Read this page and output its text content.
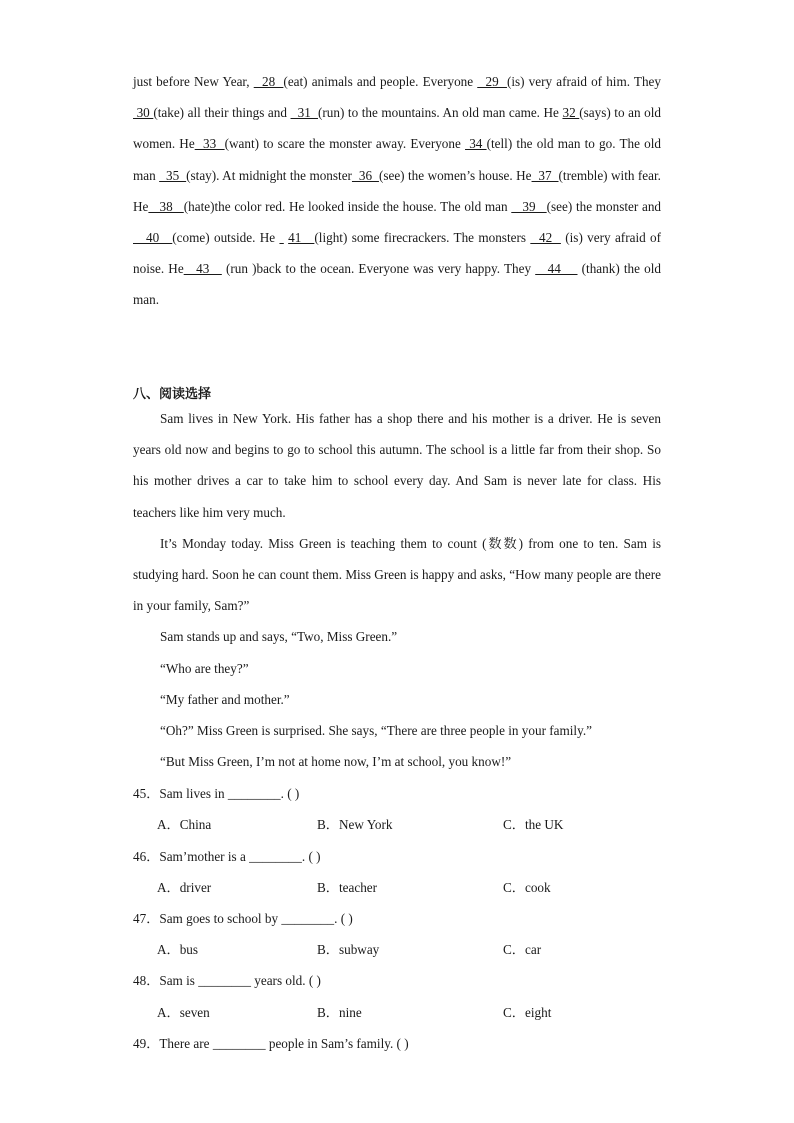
just before New Year,   28  (eat) animals and people. Everyone   29  (is) very afraid of him. They  30 (take) all their things and   31  (run) to the mountains. An old man came. He 32 (says) to an old women. He  33  (want) to scare the monster away. Everyone  34 (tell) the old man to go. The old man   35  (stay). At midnight the monster  36  (see) the women’s house. He  37  (tremble) with fear. He   38   (hate)the color red. He looked inside the house. The old man    39   (see) the monster and    40   (come) outside. He   41   (light) some firecrackers. The monsters   42   (is) very afraid of noise. He   43    (run )back to the ocean. Everyone was very happy. They    44     (thank) the old man.
八、阅读选择

Sam lives in New York. His father has a shop there and his mother is a driver. He is seven years old now and begins to go to school this autumn. The school is a little far from their shop. So his mother drives a car to take him to school every day. And Sam is never late for class. His teachers like him very much.

It’s Monday today. Miss Green is teaching them to count (数数) from one to ten. Sam is studying hard. Soon he can count them. Miss Green is happy and asks, “How many people are there in your family, Sam?”

Sam stands up and says, “Two, Miss Green.”

“Who are they?”

“My father and mother.”

“Oh?” Miss Green is surprised. She says, “There are three people in your family.”

“But Miss Green, I’m not at home now, I’m at school, you know!”

45．Sam lives in ________. ( )
A．China	B．New York	C．the UK
46．Sam’mother is a ________. ( )
A．driver	B．teacher	C．cook
47．Sam goes to school by ________. ( )
A．bus	B．subway	C．car
48．Sam is ________ years old. ( )
A．seven	B．nine	C．eight
49．There are ________ people in Sam’s family. ( )
